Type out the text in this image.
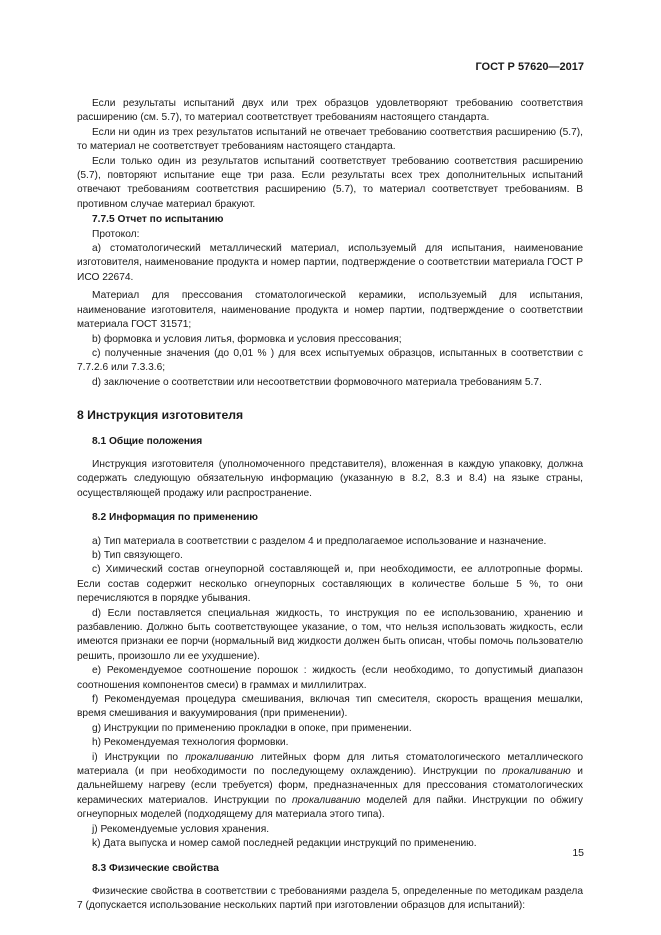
ГОСТ Р 57620—2017

Если результаты испытаний двух или трех образцов удовлетворяют требованию соответствия расширению (см. 5.7), то материал соответствует требованиям настоящего стандарта.

Если ни один из трех результатов испытаний не отвечает требованию соответствия расширению (5.7), то материал не соответствует требованиям настоящего стандарта.

Если только один из результатов испытаний соответствует требованию соответствия расширению (5.7), повторяют испытание еще три раза. Если результаты всех трех дополнительных испытаний отвечают требованиям соответствия расширению (5.7), то материал соответствует требованиям. В противном случае материал бракуют.

7.7.5 Отчет по испытанию

Протокол:

а) стоматологический металлический материал, используемый для испытания, наименование изготовителя, наименование продукта и номер партии, подтверждение о соответствии материала ГОСТ Р ИСО 22674.

Материал для прессования стоматологической керамики, используемый для испытания, наименование изготовителя, наименование продукта и номер партии, подтверждение о соответствии материала ГОСТ 31571;

b) формовка и условия литья, формовка и условия прессования;

с) полученные значения (до 0,01 % ) для всех испытуемых образцов, испытанных в соответствии с 7.7.2.6 или 7.3.3.6;

d) заключение о соответствии или несоответствии формовочного материала требованиям 5.7.

8 Инструкция изготовителя

8.1 Общие положения

Инструкция изготовителя (уполномоченного представителя), вложенная в каждую упаковку, должна содержать следующую обязательную информацию (указанную в 8.2, 8.3 и 8.4) на языке страны, осуществляющей продажу или распространение.

8.2 Информация по применению

а) Тип материала в соответствии с разделом 4 и предполагаемое использование и назначение.

b) Тип связующего.

с) Химический состав огнеупорной составляющей и, при необходимости, ее аллотропные формы. Если состав содержит несколько огнеупорных составляющих в количестве больше 5 %, то они перечисляются в порядке убывания.

d) Если поставляется специальная жидкость, то инструкция по ее использованию, хранению и разбавлению. Должно быть соответствующее указание, о том, что нельзя использовать жидкость, если имеются признаки ее порчи (нормальный вид жидкости должен быть описан, чтобы помочь пользователю решить, произошло ли ее ухудшение).

е) Рекомендуемое соотношение порошок : жидкость (если необходимо, то допустимый диапазон соотношения компонентов смеси) в граммах и миллилитрах.

f) Рекомендуемая процедура смешивания, включая тип смесителя, скорость вращения мешалки, время смешивания и вакуумирования (при применении).

g) Инструкции по применению прокладки в опоке, при применении.

h) Рекомендуемая технология формовки.

i) Инструкции по прокаливанию литейных форм для литья стоматологического металлического материала (и при необходимости по последующему охлаждению). Инструкции по прокаливанию и дальнейшему нагреву (если требуется) форм, предназначенных для прессования стоматологических керамических материалов. Инструкции по прокаливанию моделей для пайки. Инструкции по обжигу огнеупорных моделей (подходящему для материала этого типа).

j) Рекомендуемые условия хранения.

k) Дата выпуска и номер самой последней редакции инструкций по применению.

8.3 Физические свойства

Физические свойства в соответствии с требованиями раздела 5, определенные по методикам раздела 7 (допускается использование нескольких партий при изготовлении образцов для испытаний):

15
